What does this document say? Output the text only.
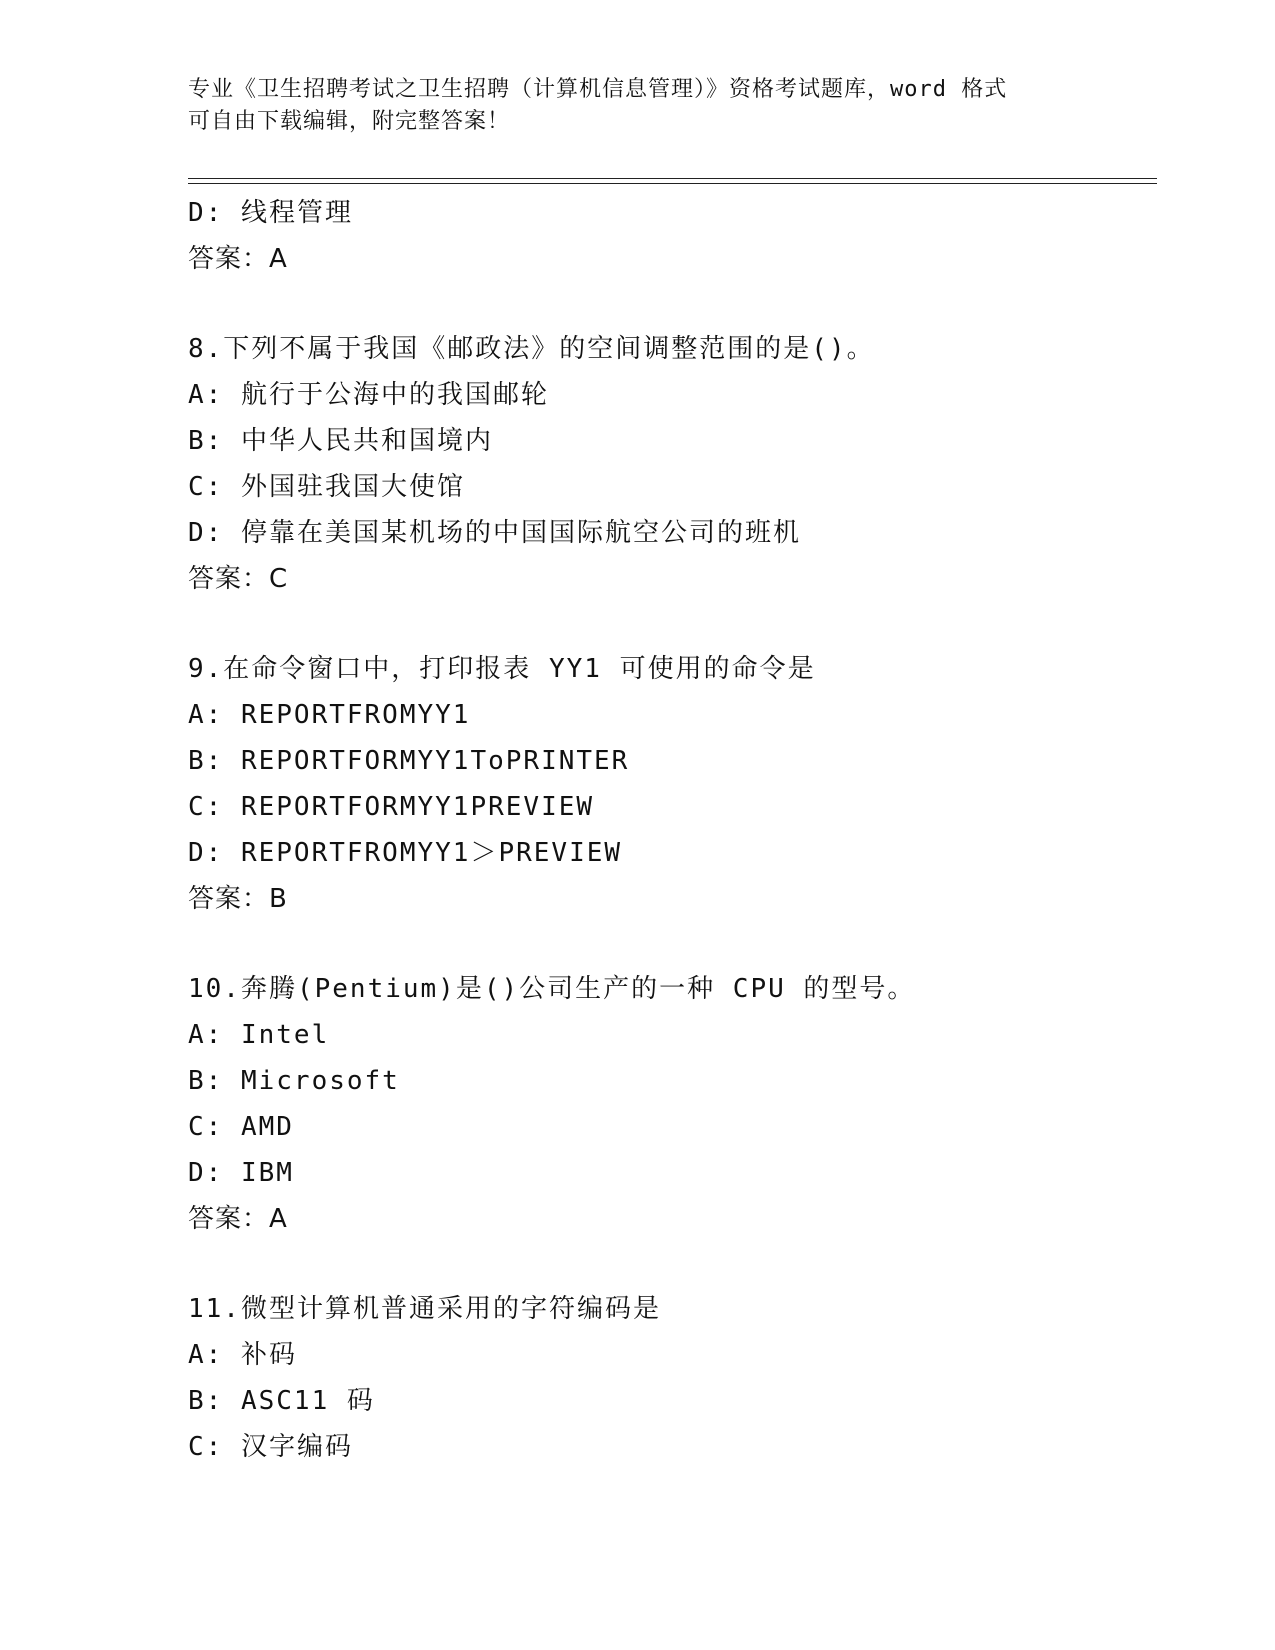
专业《卫生招聘考试之卫生招聘（计算机信息管理）》资格考试题库，word 格式
可自由下载编辑，附完整答案！
D: 线程管理
答案：A
8.下列不属于我国《邮政法》的空间调整范围的是()。
A: 航行于公海中的我国邮轮
B: 中华人民共和国境内
C: 外国驻我国大使馆
D: 停靠在美国某机场的中国国际航空公司的班机
答案：C
9.在命令窗口中，打印报表 YY1 可使用的命令是
A: REPORTFROMYY1
B: REPORTFORMYY1ToPRINTER
C: REPORTFORMYY1PREVIEW
D: REPORTFROMYY1＞PREVIEW
答案：B
10.奔腾(Pentium)是()公司生产的一种 CPU 的型号。
A: Intel
B: Microsoft
C: AMD
D: IBM
答案：A
11.微型计算机普通采用的字符编码是
A: 补码
B: ASC11 码
C: 汉字编码
